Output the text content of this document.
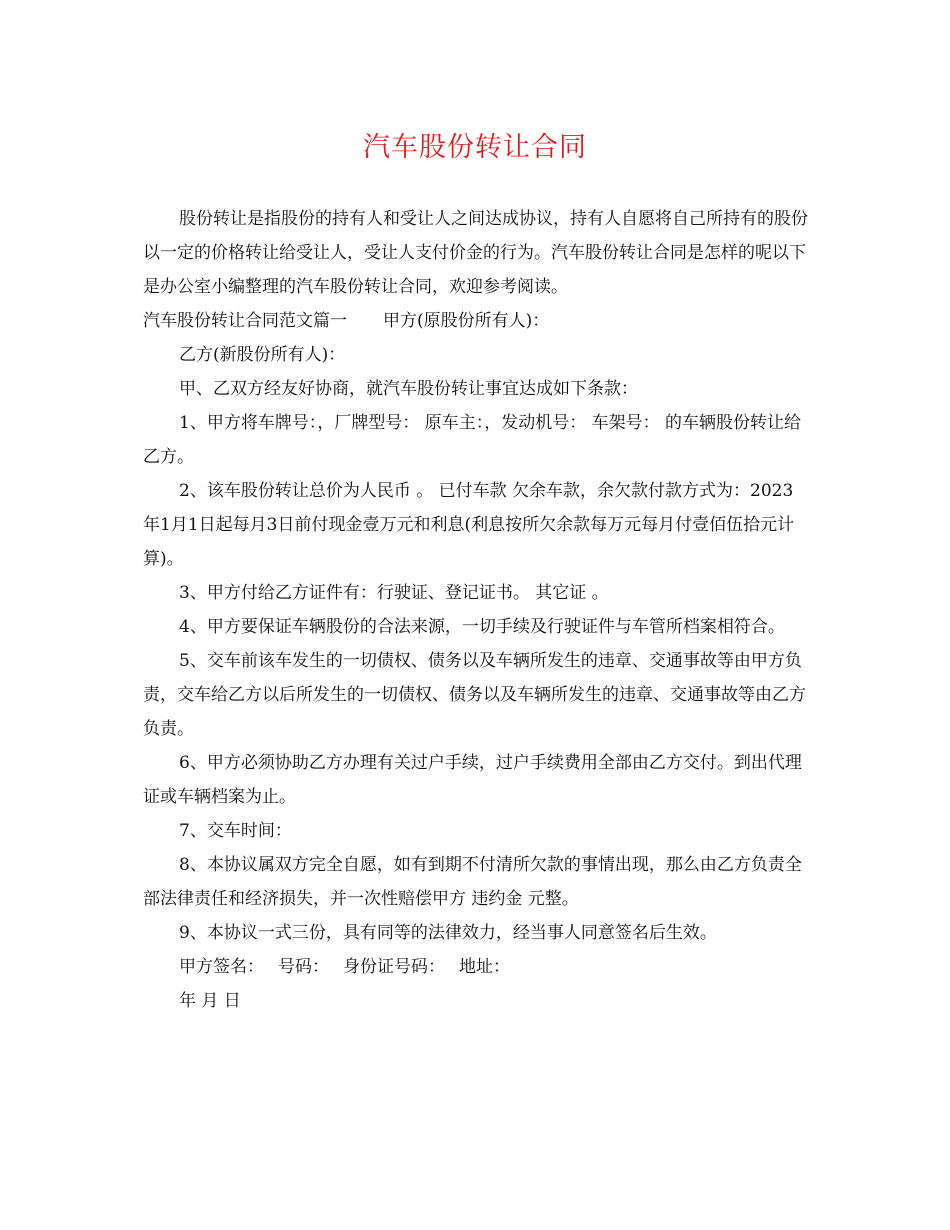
汽车股份转让合同

股份转让是指股份的持有人和受让人之间达成协议，持有人自愿将自己所持有的股份以一定的价格转让给受让人，受让人支付价金的行为。汽车股份转让合同是怎样的呢以下是办公室小编整理的汽车股份转让合同，欢迎参考阅读。

汽车股份转让合同范文篇一 甲方(原股份所有人)：

乙方(新股份所有人)：

甲、乙双方经友好协商，就汽车股份转让事宜达成如下条款：

1、甲方将车牌号：，厂牌型号： 原车主：，发动机号： 车架号： 的车辆股份转让给乙方。

2、该车股份转让总价为人民币 。 已付车款 欠余车款，余欠款付款方式为：2023年1月1日起每月3日前付现金壹万元和利息(利息按所欠余款每万元每月付壹佰伍拾元计算)。

3、甲方付给乙方证件有：行驶证、登记证书。 其它证 。

4、甲方要保证车辆股份的合法来源，一切手续及行驶证件与车管所档案相符合。

5、交车前该车发生的一切债权、债务以及车辆所发生的违章、交通事故等由甲方负责，交车给乙方以后所发生的一切债权、债务以及车辆所发生的违章、交通事故等由乙方负责。

6、甲方必须协助乙方办理有关过户手续，过户手续费用全部由乙方交付。到出代理证或车辆档案为止。

7、交车时间：

8、本协议属双方完全自愿，如有到期不付清所欠款的事情出现，那么由乙方负责全部法律责任和经济损失，并一次性赔偿甲方 违约金 元整。

9、本协议一式三份，具有同等的法律效力，经当事人同意签名后生效。

甲方签名： 号码： 身份证号码： 地址：

年 月 日
